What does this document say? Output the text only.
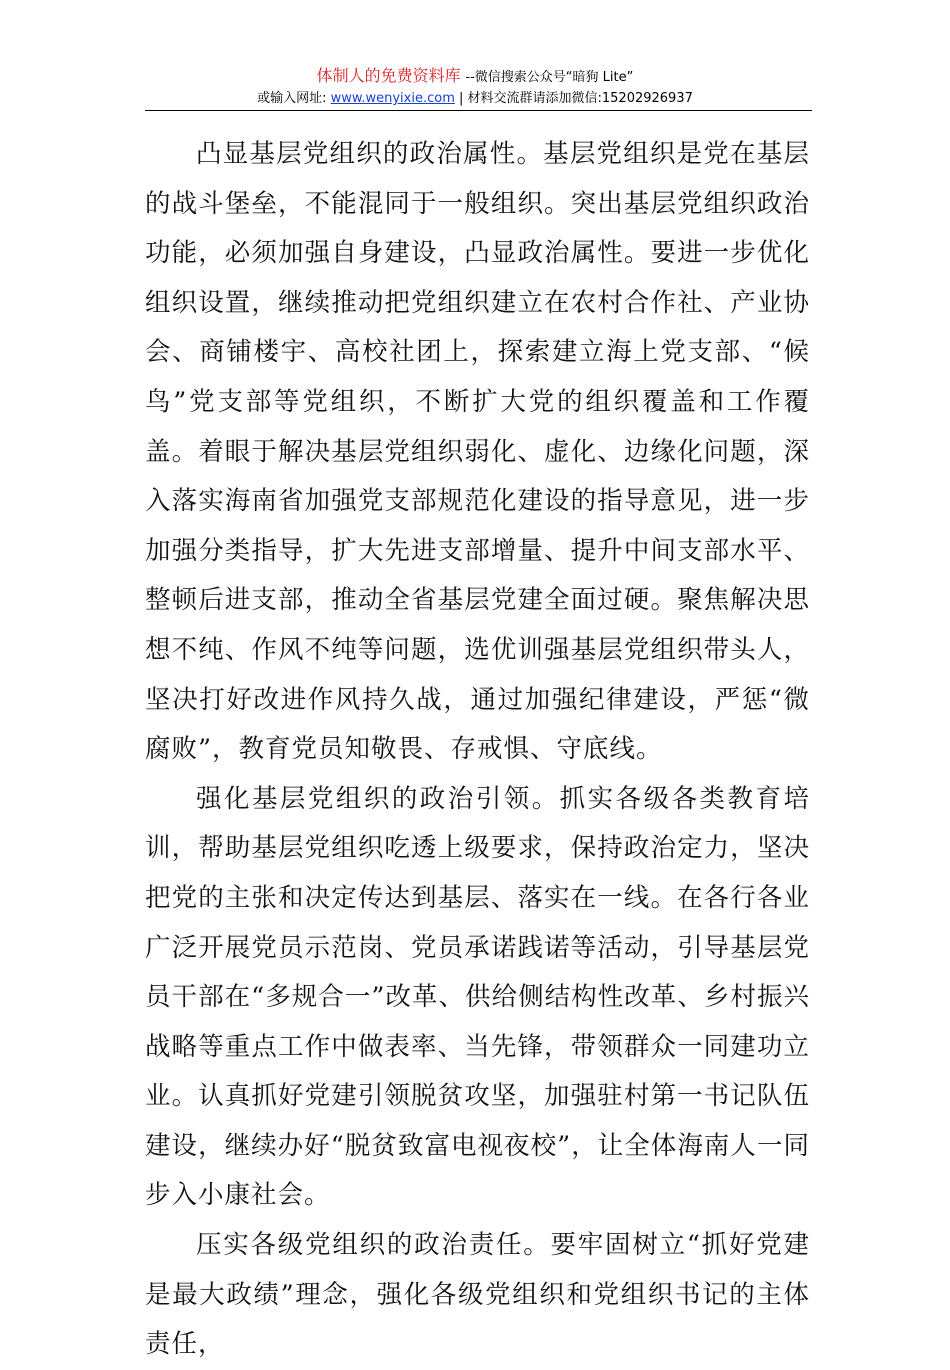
体制人的免费资料库 --微信搜索公众号“暗狗 Lite”
或输入网址: www.wenyixie.com | 材料交流群请添加微信:15202926937

凸显基层党组织的政治属性。基层党组织是党在基层的战斗堡垒，不能混同于一般组织。突出基层党组织政治功能，必须加强自身建设，凸显政治属性。要进一步优化组织设置，继续推动把党组织建立在农村合作社、产业协会、商铺楼宇、高校社团上，探索建立海上党支部、“候鸟”党支部等党组织，不断扩大党的组织覆盖和工作覆盖。着眼于解决基层党组织弱化、虚化、边缘化问题，深入落实海南省加强党支部规范化建设的指导意见，进一步加强分类指导，扩大先进支部增量、提升中间支部水平、整顿后进支部，推动全省基层党建全面过硬。聚焦解决思想不纯、作风不纯等问题，选优训强基层党组织带头人，坚决打好改进作风持久战，通过加强纪律建设，严惩“微腐败”，教育党员知敬畏、存戒惧、守底线。

强化基层党组织的政治引领。抓实各级各类教育培训，帮助基层党组织吃透上级要求，保持政治定力，坚决把党的主张和决定传达到基层、落实在一线。在各行各业广泛开展党员示范岗、党员承诺践诺等活动，引导基层党员干部在“多规合一”改革、供给侧结构性改革、乡村振兴战略等重点工作中做表率、当先锋，带领群众一同建功立业。认真抓好党建引领脱贫攻坚，加强驻村第一书记队伍建设，继续办好“脱贫致富电视夜校”，让全体海南人一同步入小康社会。

压实各级党组织的政治责任。要牢固树立“抓好党建是最大政绩”理念，强化各级党组织和党组织书记的主体责任，
